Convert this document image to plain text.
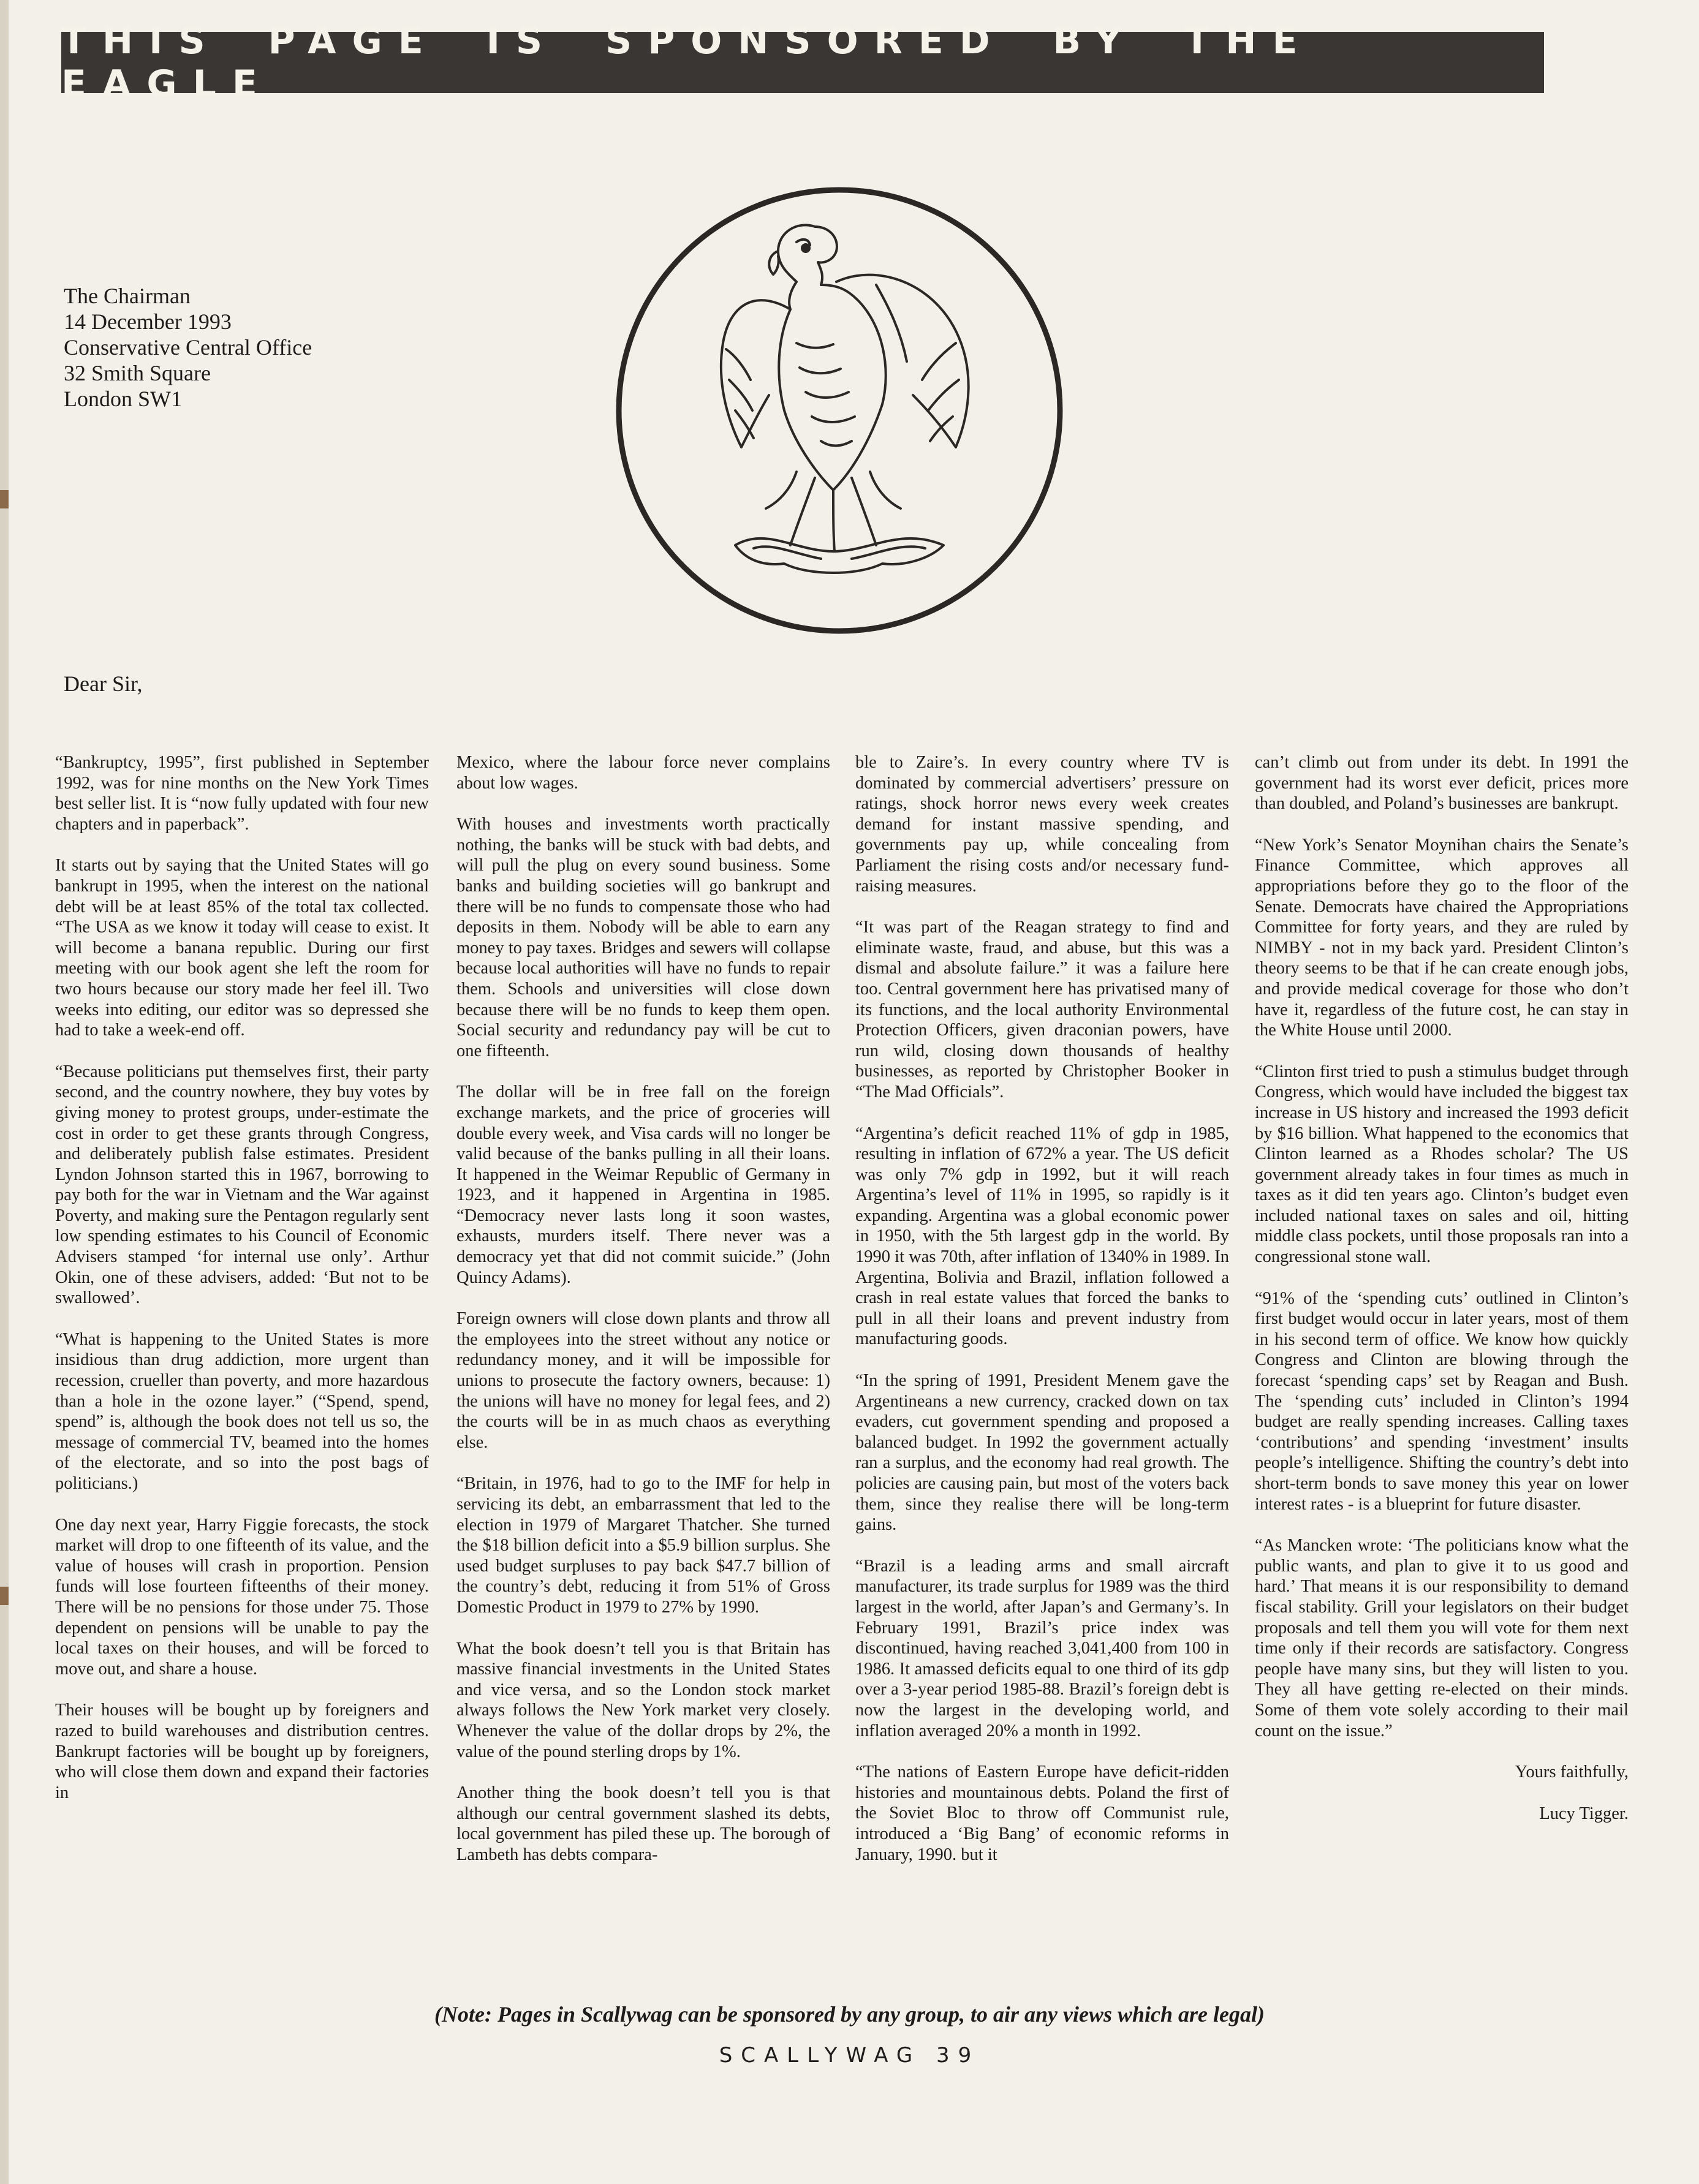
THIS PAGE IS SPONSORED BY THE EAGLE
The Chairman
14 December 1993
Conservative Central Office
32 Smith Square
London SW1
Dear Sir,

“Bankruptcy, 1995”, first published in September 1992, was for nine months on the New York Times best seller list. It is “now fully updated with four new chapters and in paperback”.

It starts out by saying that the United States will go bankrupt in 1995, when the interest on the national debt will be at least 85% of the total tax collected. “The USA as we know it today will cease to exist. It will become a banana republic. During our first meeting with our book agent she left the room for two hours because our story made her feel ill. Two weeks into editing, our editor was so depressed she had to take a week-end off.

“Because politicians put themselves first, their party second, and the country nowhere, they buy votes by giving money to protest groups, under-estimate the cost in order to get these grants through Congress, and deliberately publish false estimates. President Lyndon Johnson started this in 1967, borrowing to pay both for the war in Vietnam and the War against Poverty, and making sure the Pentagon regularly sent low spending estimates to his Council of Economic Advisers stamped ‘for internal use only’. Arthur Okin, one of these advisers, added: ‘But not to be swallowed’.

“What is happening to the United States is more insidious than drug addiction, more urgent than recession, crueller than poverty, and more hazardous than a hole in the ozone layer.” (“Spend, spend, spend” is, although the book does not tell us so, the message of commercial TV, beamed into the homes of the electorate, and so into the post bags of politicians.)

One day next year, Harry Figgie forecasts, the stock market will drop to one fifteenth of its value, and the value of houses will crash in proportion. Pension funds will lose fourteen fifteenths of their money. There will be no pensions for those under 75. Those dependent on pensions will be unable to pay the local taxes on their houses, and will be forced to move out, and share a house.

Their houses will be bought up by foreigners and razed to build warehouses and distribution centres. Bankrupt factories will be bought up by foreigners, who will close them down and expand their factories in

Mexico, where the labour force never complains about low wages.

With houses and investments worth practically nothing, the banks will be stuck with bad debts, and will pull the plug on every sound business. Some banks and building societies will go bankrupt and there will be no funds to compensate those who had deposits in them. Nobody will be able to earn any money to pay taxes. Bridges and sewers will collapse because local authorities will have no funds to repair them. Schools and universities will close down because there will be no funds to keep them open. Social security and redundancy pay will be cut to one fifteenth.

The dollar will be in free fall on the foreign exchange markets, and the price of groceries will double every week, and Visa cards will no longer be valid because of the banks pulling in all their loans. It happened in the Weimar Republic of Germany in 1923, and it happened in Argentina in 1985. “Democracy never lasts long it soon wastes, exhausts, murders itself. There never was a democracy yet that did not commit suicide.” (John Quincy Adams).

Foreign owners will close down plants and throw all the employees into the street without any notice or redundancy money, and it will be impossible for unions to prosecute the factory owners, because: 1) the unions will have no money for legal fees, and 2) the courts will be in as much chaos as everything else.

“Britain, in 1976, had to go to the IMF for help in servicing its debt, an embarrassment that led to the election in 1979 of Margaret Thatcher. She turned the $18 billion deficit into a $5.9 billion surplus. She used budget surpluses to pay back $47.7 billion of the country’s debt, reducing it from 51% of Gross Domestic Product in 1979 to 27% by 1990.

What the book doesn’t tell you is that Britain has massive financial investments in the United States and vice versa, and so the London stock market always follows the New York market very closely. Whenever the value of the dollar drops by 2%, the value of the pound sterling drops by 1%.

Another thing the book doesn’t tell you is that although our central government slashed its debts, local government has piled these up. The borough of Lambeth has debts compara-

ble to Zaire’s. In every country where TV is dominated by commercial advertisers’ pressure on ratings, shock horror news every week creates demand for instant massive spending, and governments pay up, while concealing from Parliament the rising costs and/or necessary fund-raising measures.

“It was part of the Reagan strategy to find and eliminate waste, fraud, and abuse, but this was a dismal and absolute failure.” it was a failure here too. Central government here has privatised many of its functions, and the local authority Environmental Protection Officers, given draconian powers, have run wild, closing down thousands of healthy businesses, as reported by Christopher Booker in “The Mad Officials”.

“Argentina’s deficit reached 11% of gdp in 1985, resulting in inflation of 672% a year. The US deficit was only 7% gdp in 1992, but it will reach Argentina’s level of 11% in 1995, so rapidly is it expanding. Argentina was a global economic power in 1950, with the 5th largest gdp in the world. By 1990 it was 70th, after inflation of 1340% in 1989. In Argentina, Bolivia and Brazil, inflation followed a crash in real estate values that forced the banks to pull in all their loans and prevent industry from manufacturing goods.

“In the spring of 1991, President Menem gave the Argentineans a new currency, cracked down on tax evaders, cut government spending and proposed a balanced budget. In 1992 the government actually ran a surplus, and the economy had real growth. The policies are causing pain, but most of the voters back them, since they realise there will be long-term gains.

“Brazil is a leading arms and small aircraft manufacturer, its trade surplus for 1989 was the third largest in the world, after Japan’s and Germany’s. In February 1991, Brazil’s price index was discontinued, having reached 3,041,400 from 100 in 1986. It amassed deficits equal to one third of its gdp over a 3-year period 1985-88. Brazil’s foreign debt is now the largest in the developing world, and inflation averaged 20% a month in 1992.

“The nations of Eastern Europe have deficit-ridden histories and mountainous debts. Poland the first of the Soviet Bloc to throw off Communist rule, introduced a ‘Big Bang’ of economic reforms in January, 1990. but it

can’t climb out from under its debt. In 1991 the government had its worst ever deficit, prices more than doubled, and Poland’s businesses are bankrupt.

“New York’s Senator Moynihan chairs the Senate’s Finance Committee, which approves all appropriations before they go to the floor of the Senate. Democrats have chaired the Appropriations Committee for forty years, and they are ruled by NIMBY - not in my back yard. President Clinton’s theory seems to be that if he can create enough jobs, and provide medical coverage for those who don’t have it, regardless of the future cost, he can stay in the White House until 2000.

“Clinton first tried to push a stimulus budget through Congress, which would have included the biggest tax increase in US history and increased the 1993 deficit by $16 billion. What happened to the economics that Clinton learned as a Rhodes scholar? The US government already takes in four times as much in taxes as it did ten years ago. Clinton’s budget even included national taxes on sales and oil, hitting middle class pockets, until those proposals ran into a congressional stone wall.

“91% of the ‘spending cuts’ outlined in Clinton’s first budget would occur in later years, most of them in his second term of office. We know how quickly Congress and Clinton are blowing through the forecast ‘spending caps’ set by Reagan and Bush. The ‘spending cuts’ included in Clinton’s 1994 budget are really spending increases. Calling taxes ‘contributions’ and spending ‘investment’ insults people’s intelligence. Shifting the country’s debt into short-term bonds to save money this year on lower interest rates - is a blueprint for future disaster.

“As Mancken wrote: ‘The politicians know what the public wants, and plan to give it to us good and hard.’ That means it is our responsibility to demand fiscal stability. Grill your legislators on their budget proposals and tell them you will vote for them next time only if their records are satisfactory. Congress people have many sins, but they will listen to you. They all have getting re-elected on their minds. Some of them vote solely according to their mail count on the issue.”

Yours faithfully,

Lucy Tigger.

(Note: Pages in Scallywag can be sponsored by any group, to air any views which are legal)
SCALLYWAG 39
